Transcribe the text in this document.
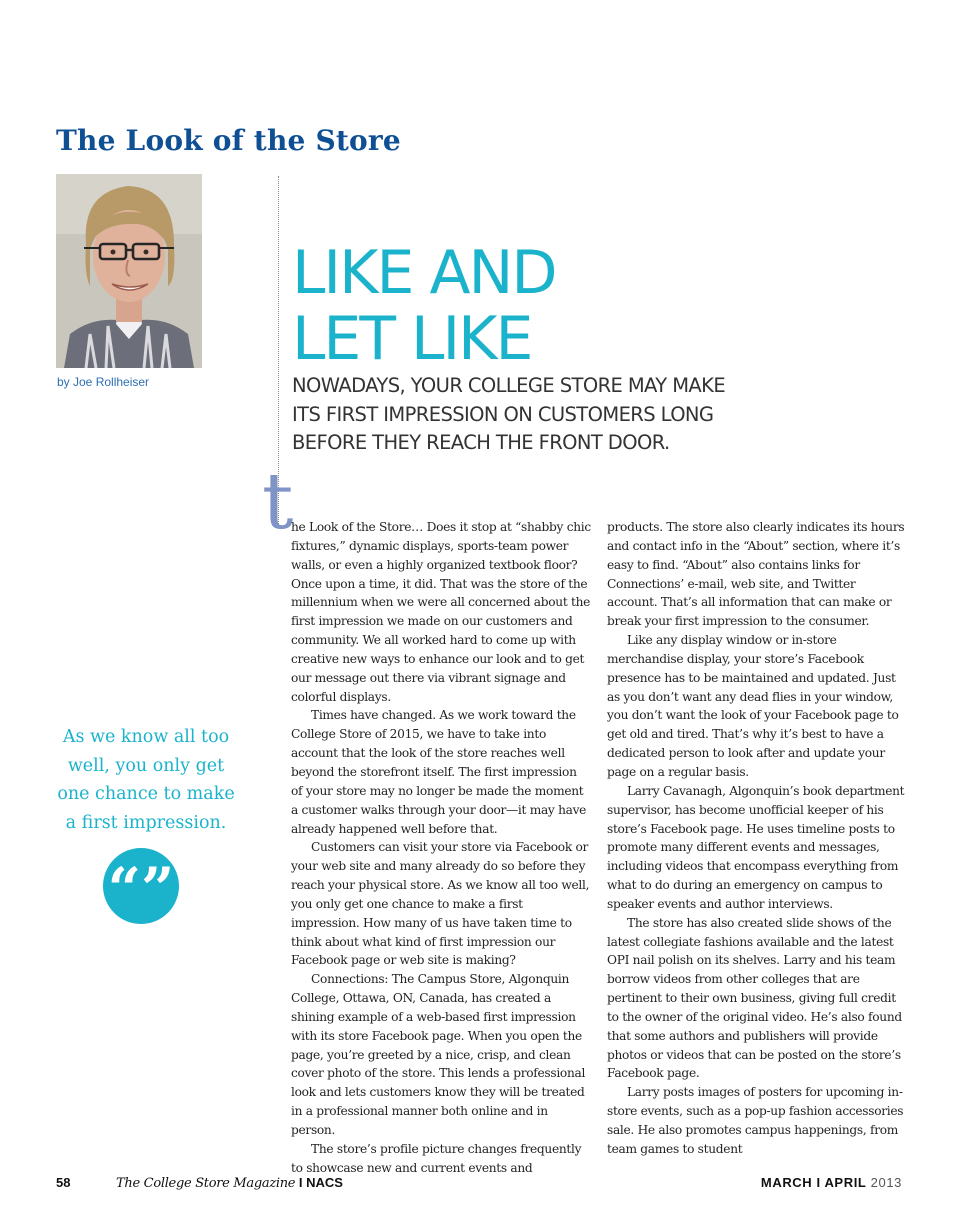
The Look of the Store
by Joe Rollheiser
LIKE AND
LET LIKE

NOWADAYS, YOUR COLLEGE STORE MAY MAKE
ITS FIRST IMPRESSION ON CUSTOMERS LONG
BEFORE THEY REACH THE FRONT DOOR.

As we know all too
well, you only get
one chance to make
a first impression.

“”
t

he Look of the Store… Does it stop at “shabby chic fixtures,” dynamic displays, sports-team power walls, or even a highly organized textbook floor? Once upon a time, it did. That was the store of the millennium when we were all concerned about the first impression we made on our customers and community. We all worked hard to come up with creative new ways to enhance our look and to get our message out there via vibrant signage and colorful displays.

Times have changed. As we work toward the College Store of 2015, we have to take into account that the look of the store reaches well beyond the storefront itself. The first impression of your store may no longer be made the moment a customer walks through your door—it may have already happened well before that.

Customers can visit your store via Facebook or your web site and many already do so before they reach your physical store. As we know all too well, you only get one chance to make a first impression. How many of us have taken time to think about what kind of first impression our Facebook page or web site is making?

Connections: The Campus Store, Algonquin College, Ottawa, ON, Canada, has created a shining example of a web-based first impression with its store Facebook page. When you open the page, you’re greeted by a nice, crisp, and clean cover photo of the store. This lends a professional look and lets customers know they will be treated in a professional manner both online and in person.

The store’s profile picture changes frequently to showcase new and current events and

products. The store also clearly indicates its hours and contact info in the “About” section, where it’s easy to find. “About” also contains links for Connections’ e-mail, web site, and Twitter account. That’s all information that can make or break your first impression to the consumer.

Like any display window or in-store merchandise display, your store’s Facebook presence has to be maintained and updated. Just as you don’t want any dead flies in your window, you don’t want the look of your Facebook page to get old and tired. That’s why it’s best to have a dedicated person to look after and update your page on a regular basis.

Larry Cavanagh, Algonquin’s book department supervisor, has become unofficial keeper of his store’s Facebook page. He uses timeline posts to promote many different events and messages, including videos that encompass everything from what to do during an emergency on campus to speaker events and author interviews.

The store has also created slide shows of the latest collegiate fashions available and the latest OPI nail polish on its shelves. Larry and his team borrow videos from other colleges that are pertinent to their own business, giving full credit to the owner of the original video. He’s also found that some authors and publishers will provide photos or videos that can be posted on the store’s Facebook page.

Larry posts images of posters for upcoming in-store events, such as a pop-up fashion accessories sale. He also promotes campus happenings, from team games to student

58	The College Store Magazine I NACS	MARCH I APRIL 2013
